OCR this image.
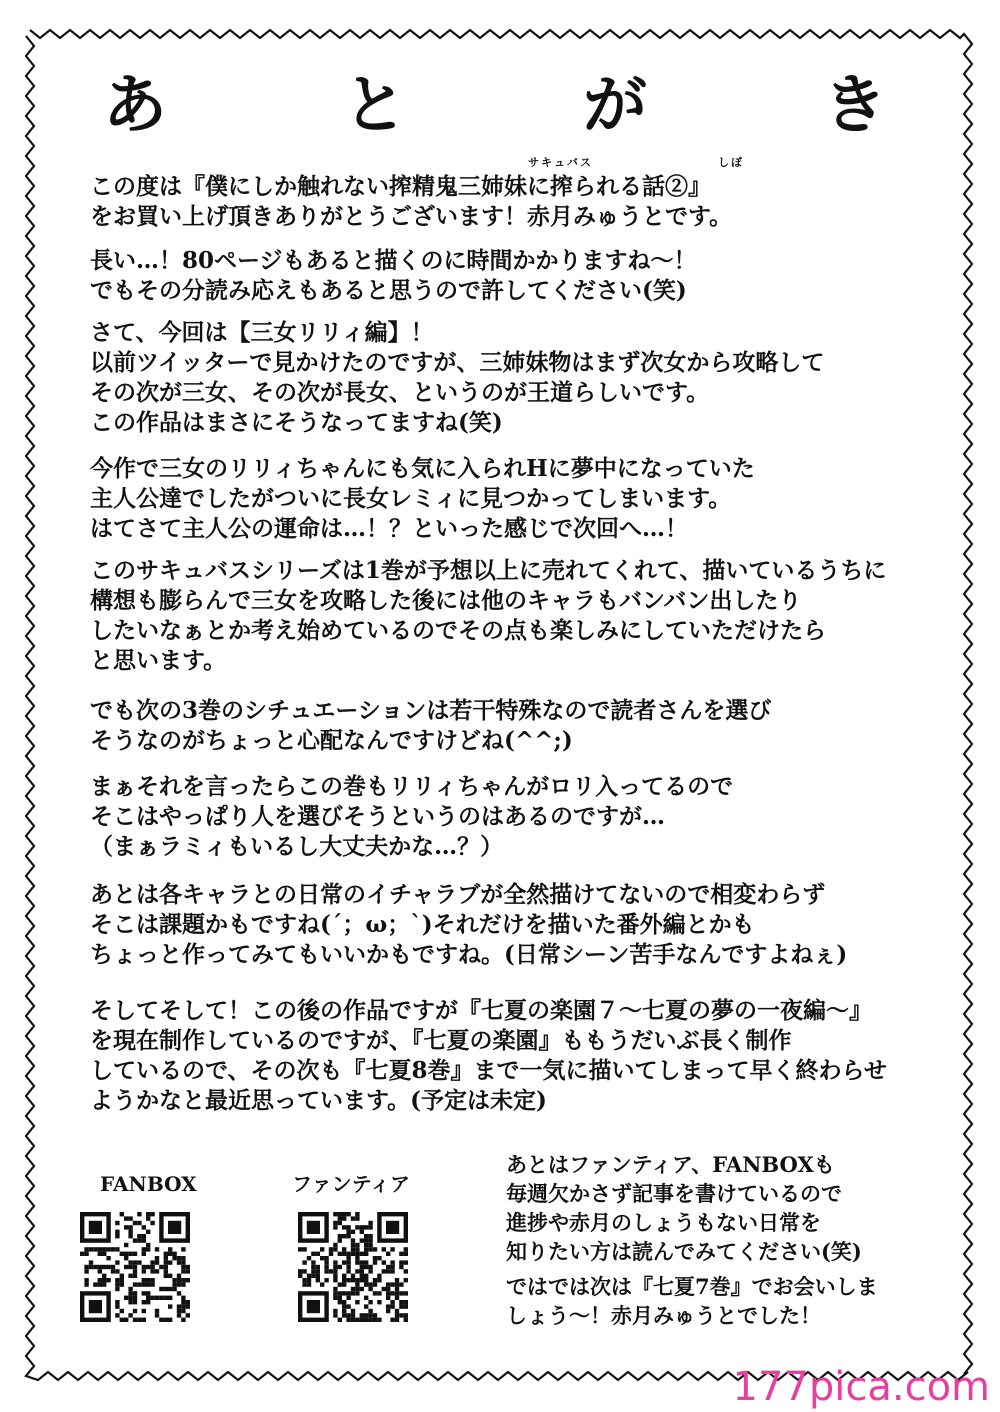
あ	と	が	き
サキュバス	しぼ
この度は『僕にしか触れない搾精鬼三姉妹に搾られる話②』
をお買い上げ頂きありがとうございます！赤月みゅうとです。
長い…！80ページもあると描くのに時間かかりますね～！
でもその分読み応えもあると思うので許してください(笑)
さて、今回は【三女リリィ編】！
以前ツイッターで見かけたのですが、三姉妹物はまず次女から攻略して
その次が三女、その次が長女、というのが王道らしいです。
この作品はまさにそうなってますね(笑)
今作で三女のリリィちゃんにも気に入られHに夢中になっていた
主人公達でしたがついに長女レミィに見つかってしまいます。
はてさて主人公の運命は…！？といった感じで次回へ…！
このサキュバスシリーズは1巻が予想以上に売れてくれて、描いているうちに
構想も膨らんで三女を攻略した後には他のキャラもバンバン出したり
したいなぁとか考え始めているのでその点も楽しみにしていただけたら
と思います。
でも次の3巻のシチュエーションは若干特殊なので読者さんを選び
そうなのがちょっと心配なんですけどね(^^;)
まぁそれを言ったらこの巻もリリィちゃんがロリ入ってるので
そこはやっぱり人を選びそうというのはあるのですが…
（まぁラミィもいるし大丈夫かな…？）
あとは各キャラとの日常のイチャラブが全然描けてないので相変わらず
そこは課題かもですね(´；ω；`)それだけを描いた番外編とかも
ちょっと作ってみてもいいかもですね。(日常シーン苦手なんですよねぇ)
そしてそして！この後の作品ですが『七夏の楽園７～七夏の夢の一夜編～』
を現在制作しているのですが、『七夏の楽園』ももうだいぶ長く制作
しているので、その次も『七夏8巻』まで一気に描いてしまって早く終わらせ
ようかなと最近思っています。(予定は未定)
FANBOX	ファンティア
あとはファンティア、FANBOXも
毎週欠かさず記事を書けているので
進捗や赤月のしょうもない日常を
知りたい方は読んでみてください(笑)
ではでは次は『七夏7巻』でお会いしま
しょう～！赤月みゅうとでした！
177pica.com
